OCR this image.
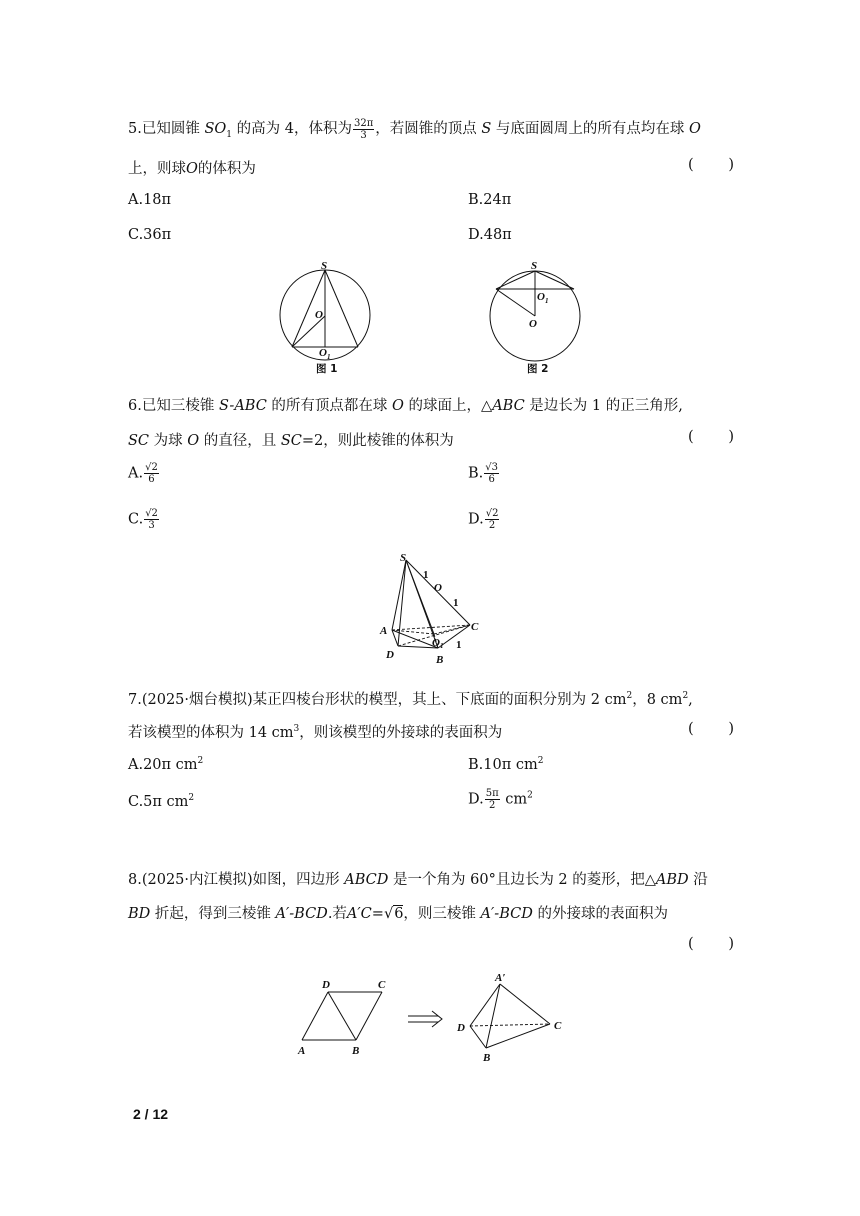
5.已知圆锥 $SO_1$ 的高为 4，体积为 $\frac{32\pi}{3}$ ，若圆锥的顶点 S 与底面圆周上的所有点均在球 O
上，则球O的体积为	( )
A.18π	B.24π
C.36π	D.48π
S
O
O 1
图 1
S
O 1
O
图 2
6.已知三棱锥 S-ABC 的所有顶点都在球 O 的球面上，△ABC 是边长为 1 的正三角形,
SC 为球 O 的直径，且 SC=2，则此棱锥的体积为	( )
A. $\frac{√2}{6}$	B. $\frac{√3}{6}$
C. $\frac{√2}{3}$	D. $\frac{√2}{2}$
S
1
O
1
A	C
O 1 1
D	B
7.(2025·烟台模拟)某正四棱台形状的模型，其上、下底面的面积分别为 2 $cm^2$，8 $cm^2$,
若该模型的体积为 14 $cm^3$，则该模型的外接球的表面积为	( )
A.20π $cm^2$	B.10π $cm^2$
C.5π $cm^2$	D. $\frac{5\pi}{2} cm^2$
8.(2025·内江模拟)如图，四边形 ABCD 是一个角为 60°且边长为 2 的菱形，把△ABD 沿
BD 折起，得到三棱锥 A′-BCD.若A′C=√6，则三棱锥 A′-BCD 的外接球的表面积为
( )
D	C
A	B
A′
D	C
B
2 / 12
